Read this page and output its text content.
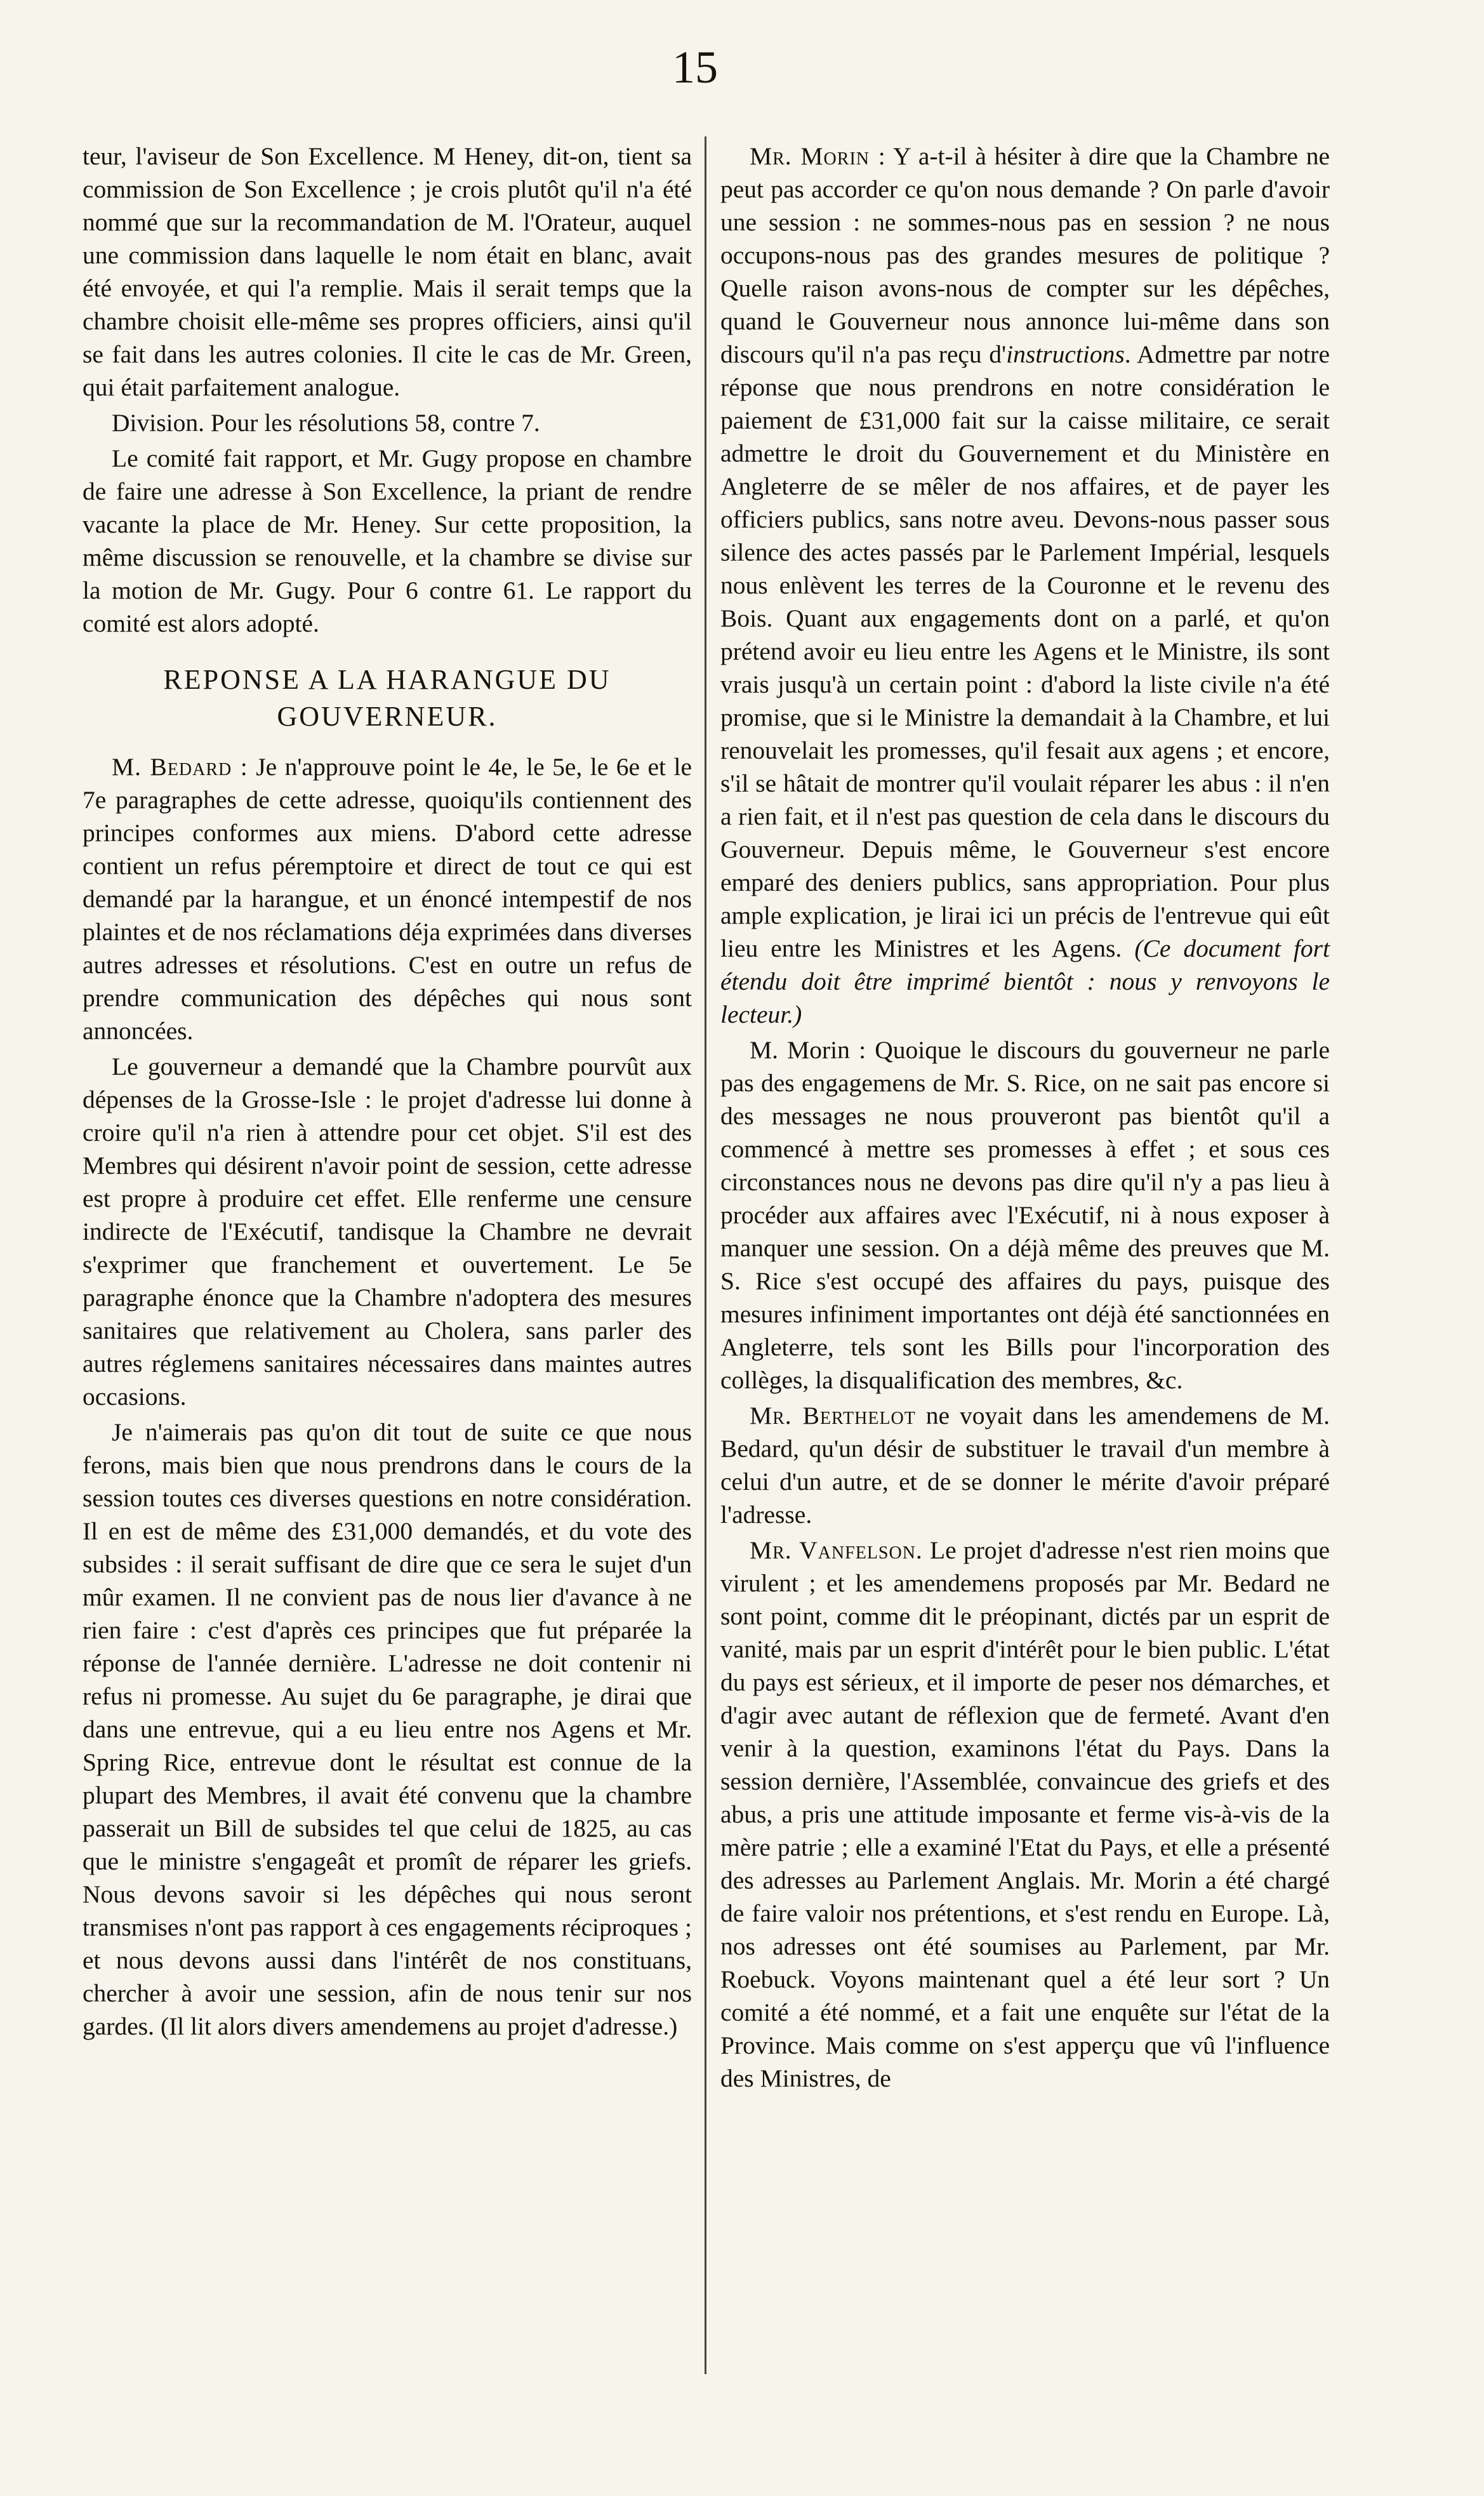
15

teur, l'aviseur de Son Excellence. M Heney, dit-on, tient sa commission de Son Excellence ; je crois plutôt qu'il n'a été nommé que sur la recommandation de M. l'Orateur, auquel une commission dans laquelle le nom était en blanc, avait été envoyée, et qui l'a remplie. Mais il serait temps que la chambre choisit elle-même ses propres officiers, ainsi qu'il se fait dans les autres colonies. Il cite le cas de Mr. Green, qui était parfaitement analogue.

Division. Pour les résolutions 58, contre 7.

Le comité fait rapport, et Mr. Gugy propose en chambre de faire une adresse à Son Excellence, la priant de rendre vacante la place de Mr. Heney. Sur cette proposition, la même discussion se renouvelle, et la chambre se divise sur la motion de Mr. Gugy. Pour 6 contre 61. Le rapport du comité est alors adopté.

REPONSE A LA HARANGUE DU GOUVERNEUR.

M. Bedard : Je n'approuve point le 4e, le 5e, le 6e et le 7e paragraphes de cette adresse, quoiqu'ils contiennent des principes conformes aux miens. D'abord cette adresse contient un refus péremptoire et direct de tout ce qui est demandé par la harangue, et un énoncé intempestif de nos plaintes et de nos réclamations déja exprimées dans diverses autres adresses et résolutions. C'est en outre un refus de prendre communication des dépêches qui nous sont annoncées.

Le gouverneur a demandé que la Chambre pourvût aux dépenses de la Grosse-Isle : le projet d'adresse lui donne à croire qu'il n'a rien à attendre pour cet objet. S'il est des Membres qui désirent n'avoir point de session, cette adresse est propre à produire cet effet. Elle renferme une censure indirecte de l'Exécutif, tandisque la Chambre ne devrait s'exprimer que franchement et ouvertement. Le 5e paragraphe énonce que la Chambre n'adoptera des mesures sanitaires que relativement au Cholera, sans parler des autres réglemens sanitaires nécessaires dans maintes autres occasions.

Je n'aimerais pas qu'on dit tout de suite ce que nous ferons, mais bien que nous prendrons dans le cours de la session toutes ces diverses questions en notre considération. Il en est de même des £31,000 demandés, et du vote des subsides : il serait suffisant de dire que ce sera le sujet d'un mûr examen. Il ne convient pas de nous lier d'avance à ne rien faire : c'est d'après ces principes que fut préparée la réponse de l'année dernière. L'adresse ne doit contenir ni refus ni promesse. Au sujet du 6e paragraphe, je dirai que dans une entrevue, qui a eu lieu entre nos Agens et Mr. Spring Rice, entrevue dont le résultat est connue de la plupart des Membres, il avait été convenu que la chambre passerait un Bill de subsides tel que celui de 1825, au cas que le ministre s'engageât et promît de réparer les griefs. Nous devons savoir si les dépêches qui nous seront transmises n'ont pas rapport à ces engagements réciproques ; et nous devons aussi dans l'intérêt de nos constituans, chercher à avoir une session, afin de nous tenir sur nos gardes. (Il lit alors divers amendemens au projet d'adresse.)

Mr. Morin : Y a-t-il à hésiter à dire que la Chambre ne peut pas accorder ce qu'on nous demande ? On parle d'avoir une session : ne sommes-nous pas en session ? ne nous occupons-nous pas des grandes mesures de politique ? Quelle raison avons-nous de compter sur les dépêches, quand le Gouverneur nous annonce lui-même dans son discours qu'il n'a pas reçu d'instructions. Admettre par notre réponse que nous prendrons en notre considération le paiement de £31,000 fait sur la caisse militaire, ce serait admettre le droit du Gouvernement et du Ministère en Angleterre de se mêler de nos affaires, et de payer les officiers publics, sans notre aveu. Devons-nous passer sous silence des actes passés par le Parlement Impérial, lesquels nous enlèvent les terres de la Couronne et le revenu des Bois. Quant aux engagements dont on a parlé, et qu'on prétend avoir eu lieu entre les Agens et le Ministre, ils sont vrais jusqu'à un certain point : d'abord la liste civile n'a été promise, que si le Ministre la demandait à la Chambre, et lui renouvelait les promesses, qu'il fesait aux agens ; et encore, s'il se hâtait de montrer qu'il voulait réparer les abus : il n'en a rien fait, et il n'est pas question de cela dans le discours du Gouverneur. Depuis même, le Gouverneur s'est encore emparé des deniers publics, sans appropriation. Pour plus ample explication, je lirai ici un précis de l'entrevue qui eût lieu entre les Ministres et les Agens. (Ce document fort étendu doit être imprimé bientôt : nous y renvoyons le lecteur.)

M. Morin : Quoique le discours du gouverneur ne parle pas des engagemens de Mr. S. Rice, on ne sait pas encore si des messages ne nous prouveront pas bientôt qu'il a commencé à mettre ses promesses à effet ; et sous ces circonstances nous ne devons pas dire qu'il n'y a pas lieu à procéder aux affaires avec l'Exécutif, ni à nous exposer à manquer une session. On a déjà même des preuves que M. S. Rice s'est occupé des affaires du pays, puisque des mesures infiniment importantes ont déjà été sanctionnées en Angleterre, tels sont les Bills pour l'incorporation des collèges, la disqualification des membres, &c.

Mr. Berthelot ne voyait dans les amendemens de M. Bedard, qu'un désir de substituer le travail d'un membre à celui d'un autre, et de se donner le mérite d'avoir préparé l'adresse.

Mr. Vanfelson. Le projet d'adresse n'est rien moins que virulent ; et les amendemens proposés par Mr. Bedard ne sont point, comme dit le préopinant, dictés par un esprit de vanité, mais par un esprit d'intérêt pour le bien public. L'état du pays est sérieux, et il importe de peser nos démarches, et d'agir avec autant de réflexion que de fermeté. Avant d'en venir à la question, examinons l'état du Pays. Dans la session dernière, l'Assemblée, convaincue des griefs et des abus, a pris une attitude imposante et ferme vis-à-vis de la mère patrie ; elle a examiné l'Etat du Pays, et elle a présenté des adresses au Parlement Anglais. Mr. Morin a été chargé de faire valoir nos prétentions, et s'est rendu en Europe. Là, nos adresses ont été soumises au Parlement, par Mr. Roebuck. Voyons maintenant quel a été leur sort ? Un comité a été nommé, et a fait une enquête sur l'état de la Province. Mais comme on s'est apperçu que vû l'influence des Ministres, de
